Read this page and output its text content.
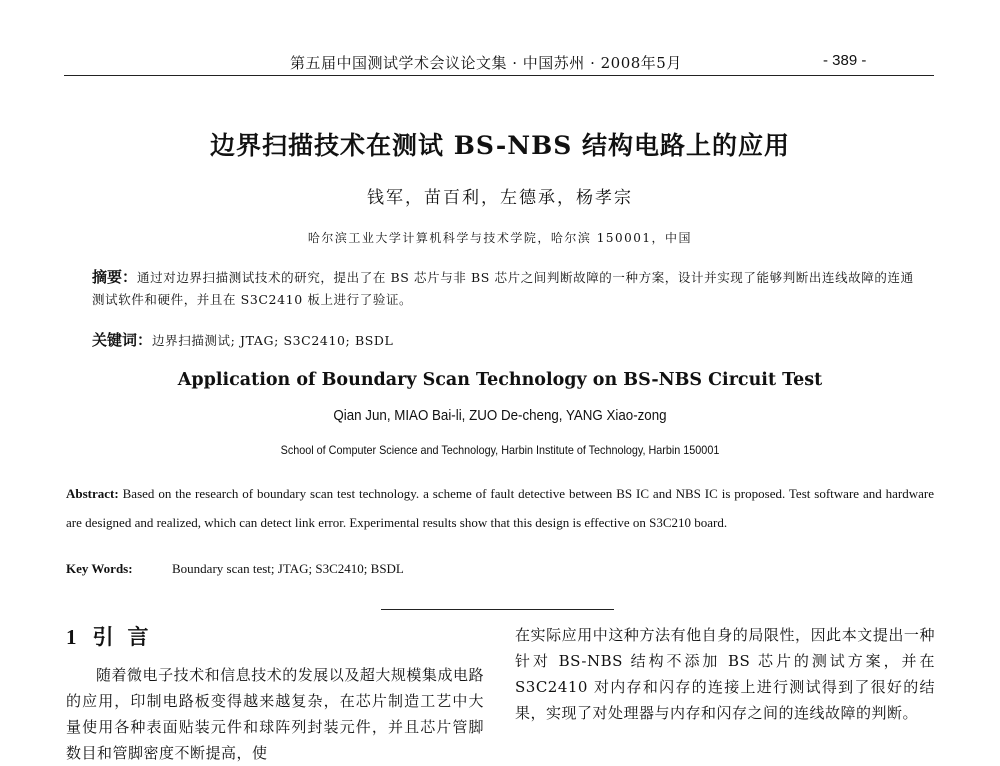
第五届中国测试学术会议论文集 · 中国苏州 · 2008年5月	- 389 -
边界扫描技术在测试 BS-NBS 结构电路上的应用
钱军，苗百利，左德承，杨孝宗
哈尔滨工业大学计算机科学与技术学院，哈尔滨 150001，中国
摘要：通过对边界扫描测试技术的研究，提出了在 BS 芯片与非 BS 芯片之间判断故障的一种方案，设计并实现了能够判断出连线故障的连通测试软件和硬件，并且在 S3C2410 板上进行了验证。
关键词：边界扫描测试; JTAG; S3C2410; BSDL
Application of Boundary Scan Technology on BS-NBS Circuit Test
Qian Jun, MIAO Bai-li, ZUO De-cheng, YANG Xiao-zong
School of Computer Science and Technology, Harbin Institute of Technology, Harbin 150001
Abstract: Based on the research of boundary scan test technology. a scheme of fault detective between BS IC and NBS IC is proposed. Test software and hardware are designed and realized, which can detect link error. Experimental results show that this design is effective on S3C210 board.
Key Words:	Boundary scan test; JTAG; S3C2410; BSDL
1 引言
随着微电子技术和信息技术的发展以及超大规模集成电路的应用，印制电路板变得越来越复杂，在芯片制造工艺中大量使用各种表面贴装元件和球阵列封装元件，并且芯片管脚数目和管脚密度不断提高，使
在实际应用中这种方法有他自身的局限性，因此本文提出一种针对 BS-NBS 结构不添加 BS 芯片的测试方案，并在 S3C2410 对内存和闪存的连接上进行测试得到了很好的结果，实现了对处理器与内存和闪存之间的连线故障的判断。
